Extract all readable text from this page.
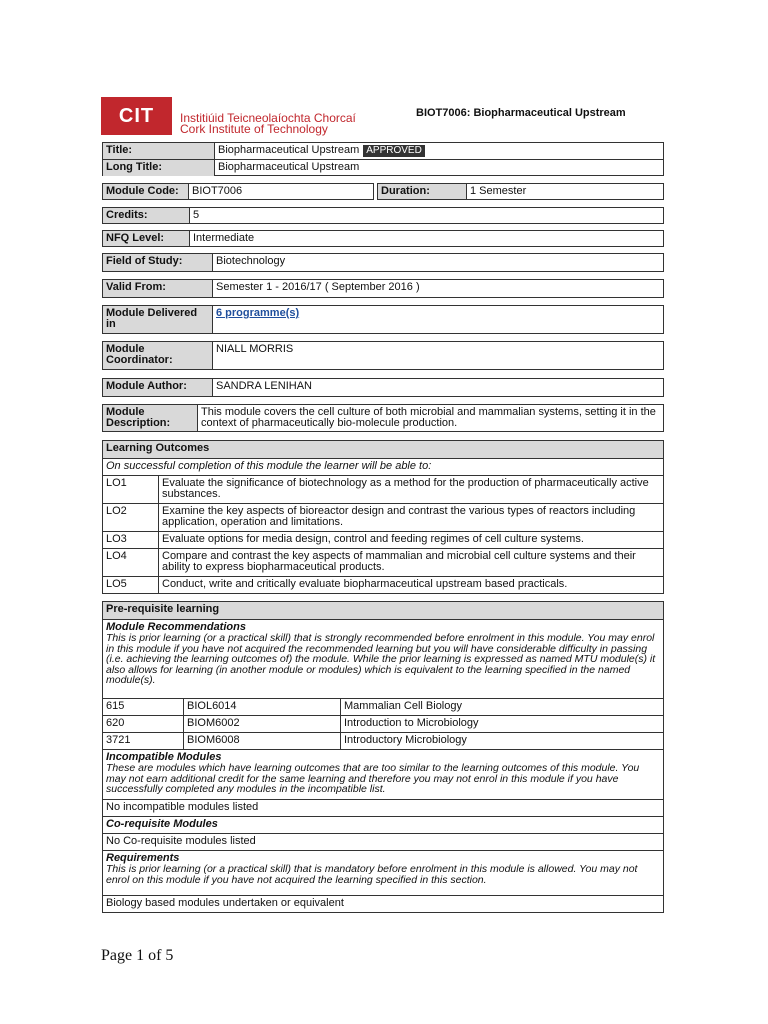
CIT	Institiúid Teicneolaíochta Chorcaí
Cork Institute of Technology
BIOT7006: Biopharmaceutical Upstream
Title:	Biopharmaceutical Upstream APPROVED
Long Title:	Biopharmaceutical Upstream
Module Code:	BIOT7006	Duration:	1 Semester
Credits:	5
NFQ Level:	Intermediate
Field of Study:	Biotechnology
Valid From:	Semester 1 - 2016/17 ( September 2016 )
Module Delivered in
6 programme(s)
Module Coordinator:
NIALL MORRIS
Module Author:	SANDRA LENIHAN
Module Description:
This module covers the cell culture of both microbial and mammalian systems, setting it in the context of pharmaceutically bio-molecule production.
Learning Outcomes
On successful completion of this module the learner will be able to:
LO1	Evaluate the significance of biotechnology as a method for the production of pharmaceutically active substances.
LO2	Examine the key aspects of bioreactor design and contrast the various types of reactors including application, operation and limitations.
LO3	Evaluate options for media design, control and feeding regimes of cell culture systems.
LO4	Compare and contrast the key aspects of mammalian and microbial cell culture systems and their ability to express biopharmaceutical products.
LO5	Conduct, write and critically evaluate biopharmaceutical upstream based practicals.
Pre-requisite learning
Module Recommendations
This is prior learning (or a practical skill) that is strongly recommended before enrolment in this module. You may enrol in this module if you have not acquired the recommended learning but you will have considerable difficulty in passing (i.e. achieving the learning outcomes of) the module. While the prior learning is expressed as named MTU module(s) it also allows for learning (in another module or modules) which is equivalent to the learning specified in the named module(s).
615	BIOL6014	Mammalian Cell Biology
620	BIOM6002	Introduction to Microbiology
3721	BIOM6008	Introductory Microbiology
Incompatible Modules
These are modules which have learning outcomes that are too similar to the learning outcomes of this module. You may not earn additional credit for the same learning and therefore you may not enrol in this module if you have successfully completed any modules in the incompatible list.
No incompatible modules listed
Co-requisite Modules
No Co-requisite modules listed
Requirements
This is prior learning (or a practical skill) that is mandatory before enrolment in this module is allowed. You may not enrol on this module if you have not acquired the learning specified in this section.
Biology based modules undertaken or equivalent
Page 1 of 5
